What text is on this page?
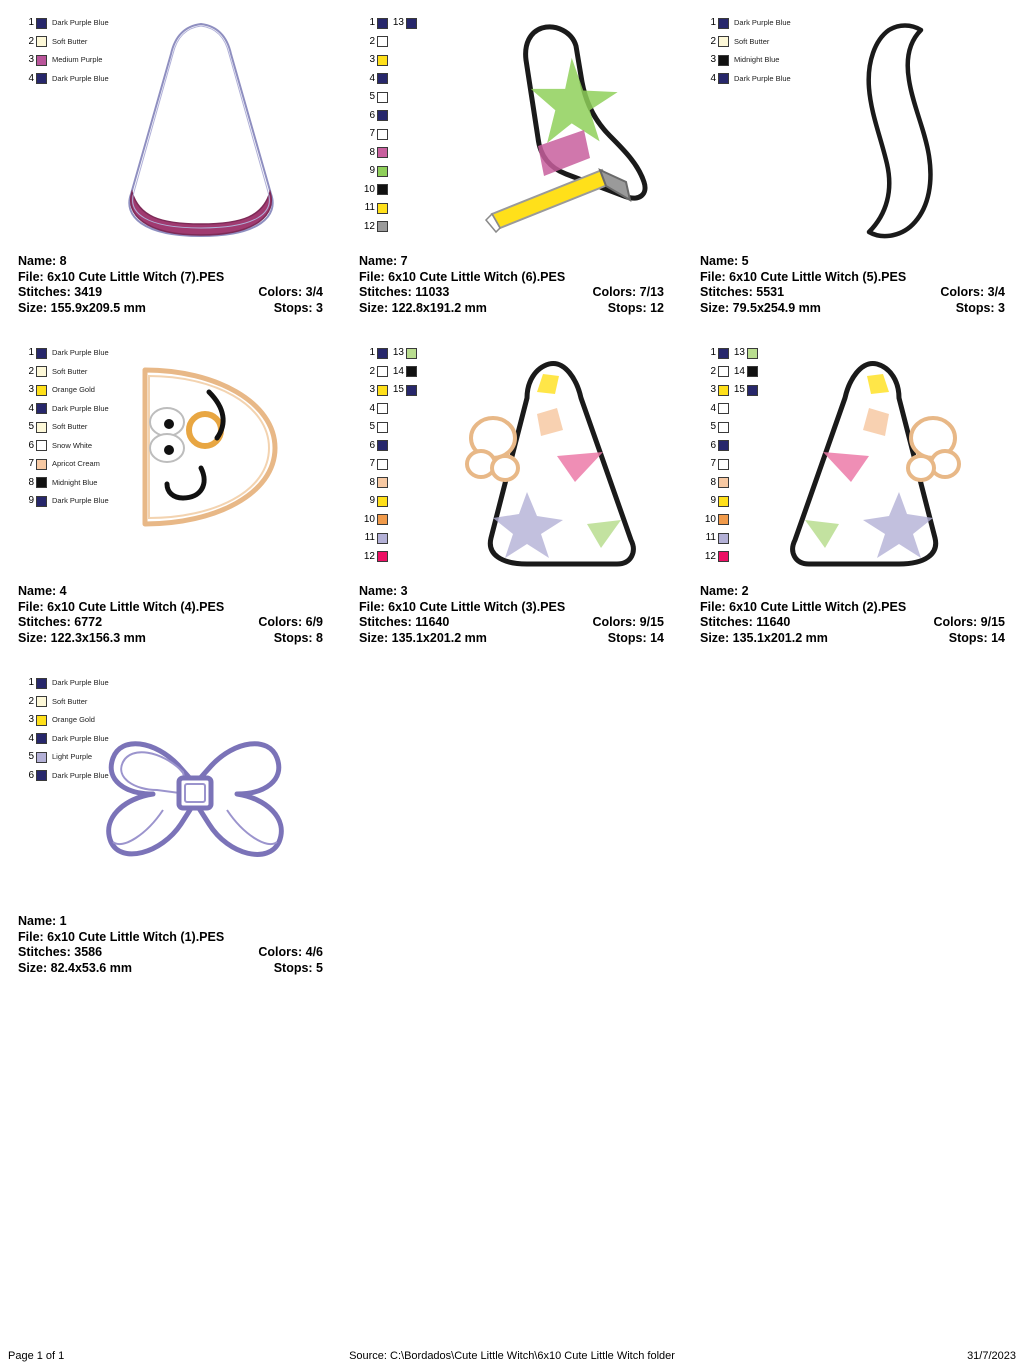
1	Dark Purple Blue
2	Soft Butter
3	Medium Purple
4	Dark Purple Blue
Name: 8
File: 6x10 Cute Little Witch (7).PES
Stitches: 3419	Colors: 3/4
Size: 155.9x209.5 mm	Stops: 3
1
2
3
4
5
6
7
8
9
10
11
12
13
Name: 7
File: 6x10 Cute Little Witch (6).PES
Stitches: 11033	Colors: 7/13
Size: 122.8x191.2 mm	Stops: 12
1	Dark Purple Blue
2	Soft Butter
3	Midnight Blue
4	Dark Purple Blue
Name: 5
File: 6x10 Cute Little Witch (5).PES
Stitches: 5531	Colors: 3/4
Size: 79.5x254.9 mm	Stops: 3
1	Dark Purple Blue
2	Soft Butter
3	Orange Gold
4	Dark Purple Blue
5	Soft Butter
6	Snow White
7	Apricot Cream
8	Midnight Blue
9	Dark Purple Blue
Name: 4
File: 6x10 Cute Little Witch (4).PES
Stitches: 6772	Colors: 6/9
Size: 122.3x156.3 mm	Stops: 8
1
2
3
4
5
6
7
8
9
10
11
12
13
14
15
Name: 3
File: 6x10 Cute Little Witch (3).PES
Stitches: 11640	Colors: 9/15
Size: 135.1x201.2 mm	Stops: 14
1
2
3
4
5
6
7
8
9
10
11
12
13
14
15
Name: 2
File: 6x10 Cute Little Witch (2).PES
Stitches: 11640	Colors: 9/15
Size: 135.1x201.2 mm	Stops: 14
1	Dark Purple Blue
2	Soft Butter
3	Orange Gold
4	Dark Purple Blue
5	Light Purple
6	Dark Purple Blue
Name: 1
File: 6x10 Cute Little Witch (1).PES
Stitches: 3586	Colors: 4/6
Size: 82.4x53.6 mm	Stops: 5
Page 1 of 1	Source: C:\Bordados\Cute Little Witch\6x10 Cute Little Witch folder	31/7/2023
